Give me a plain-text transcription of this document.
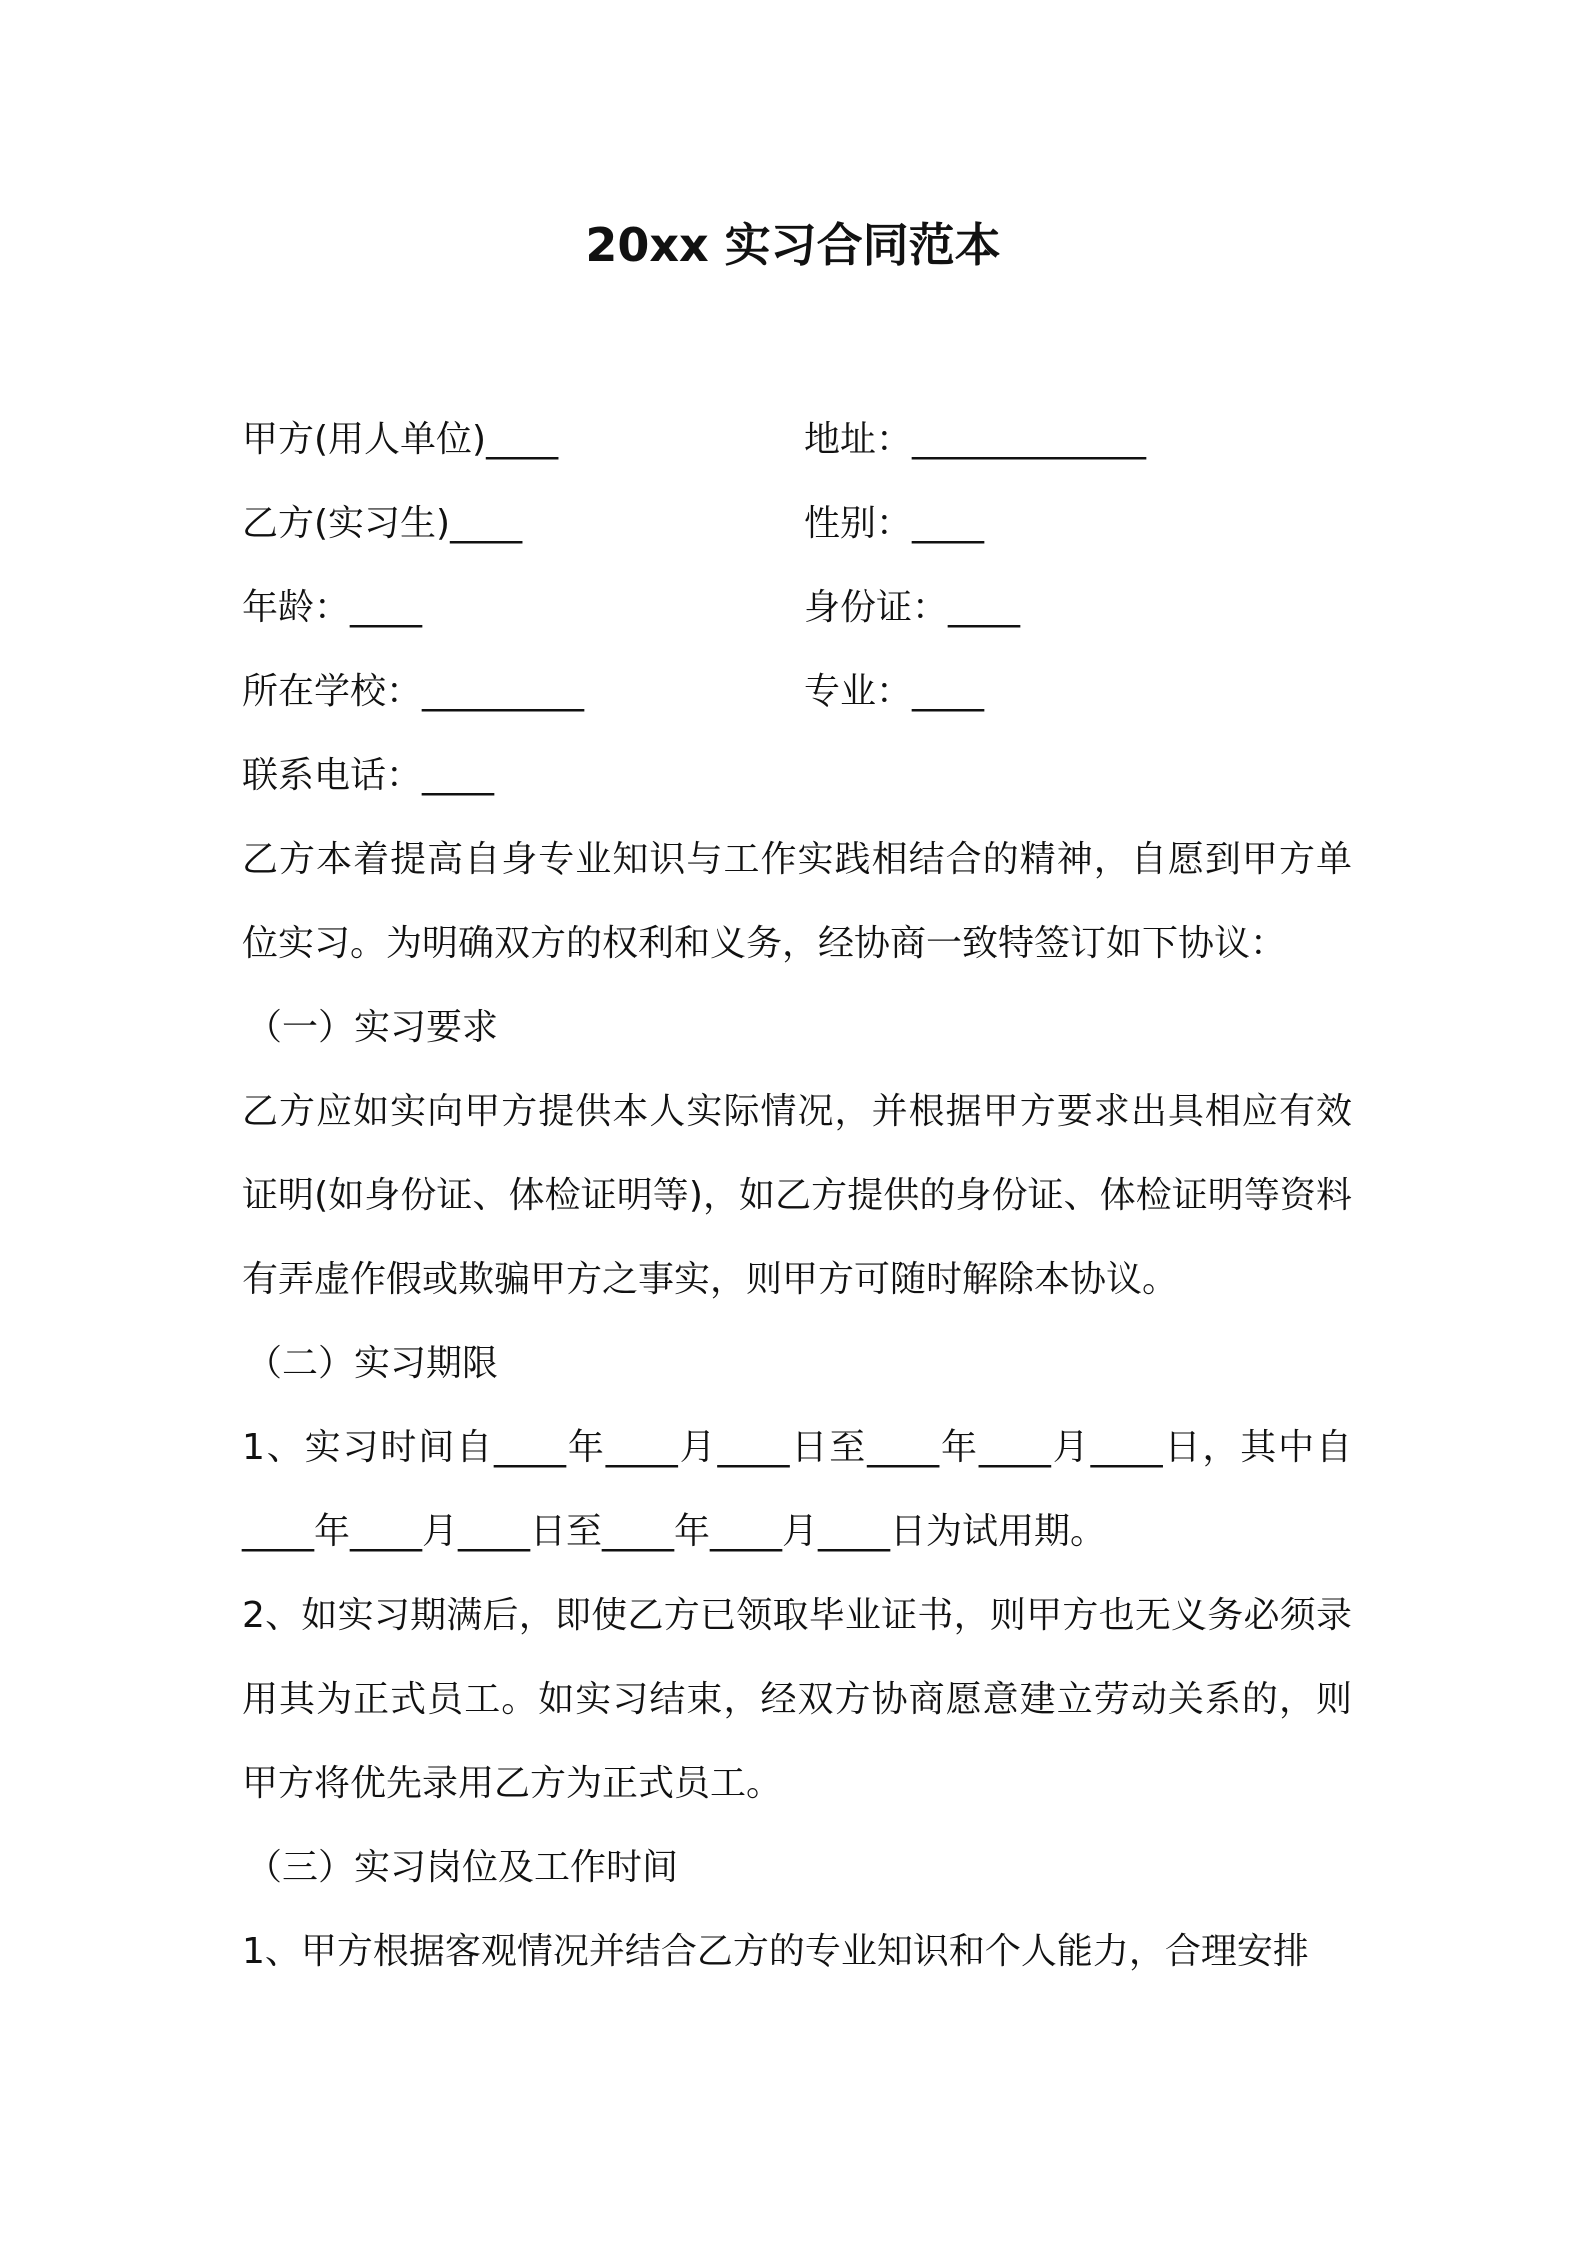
20xx 实习合同范本
甲方(用人单位)____	地址：_____________
乙方(实习生)____	性别：____
年龄：____	身份证：____
所在学校：_________	专业：____
联系电话：____

乙方本着提高自身专业知识与工作实践相结合的精神，自愿到甲方单位实习。为明确双方的权利和义务，经协商一致特签订如下协议：

（一）实习要求

乙方应如实向甲方提供本人实际情况，并根据甲方要求出具相应有效证明(如身份证、体检证明等)，如乙方提供的身份证、体检证明等资料有弄虚作假或欺骗甲方之事实，则甲方可随时解除本协议。

（二）实习期限

1、实习时间自____年____月____日至____年____月____日，其中自____年____月____日至____年____月____日为试用期。

2、如实习期满后，即使乙方已领取毕业证书，则甲方也无义务必须录用其为正式员工。如实习结束，经双方协商愿意建立劳动关系的，则甲方将优先录用乙方为正式员工。

（三）实习岗位及工作时间

1、甲方根据客观情况并结合乙方的专业知识和个人能力，合理安排
